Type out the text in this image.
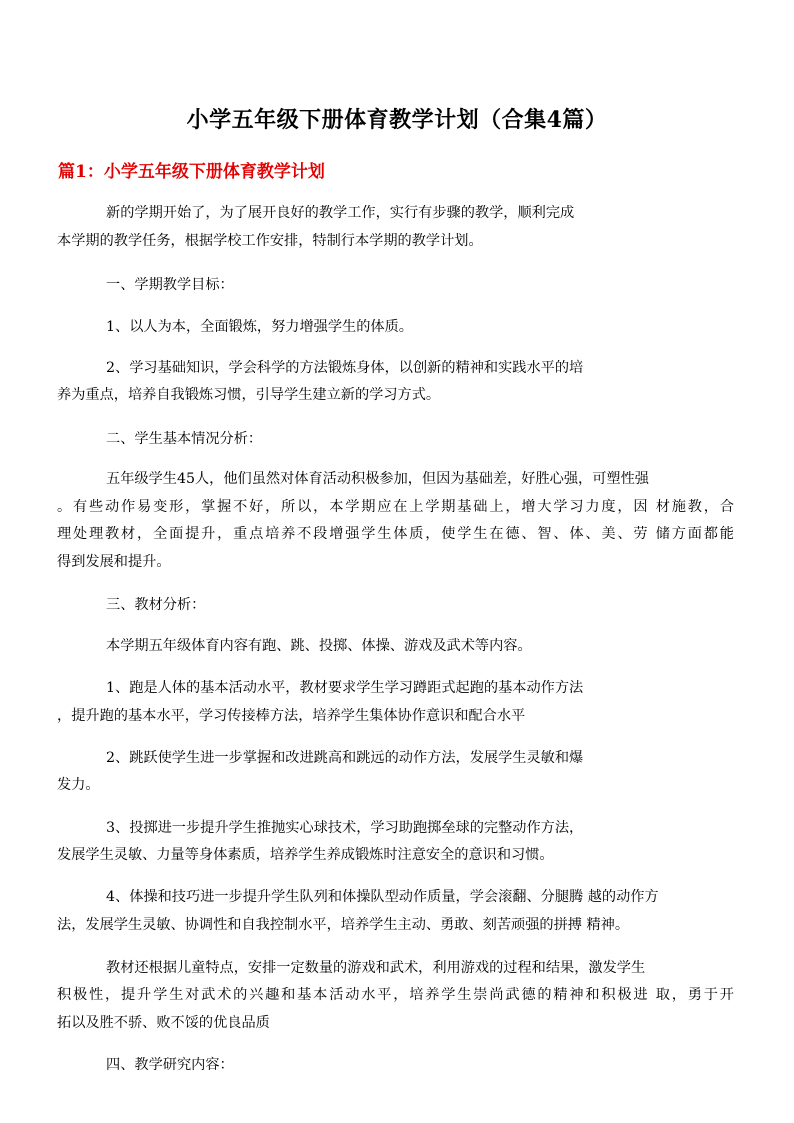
小学五年级下册体育教学计划（合集4篇）
篇1：小学五年级下册体育教学计划
新的学期开始了，为了展开良好的教学工作，实行有步骤的教学，顺利完成
本学期的教学任务，根据学校工作安排，特制行本学期的教学计划。
一、学期教学目标：
1、以人为本，全面锻炼，努力增强学生的体质。
2、学习基础知识，学会科学的方法锻炼身体，以创新的精神和实践水平的培
养为重点，培养自我锻炼习惯，引导学生建立新的学习方式。
二、学生基本情况分析：
五年级学生45人，他们虽然对体育活动积极参加，但因为基础差，好胜心强，可塑性强
。有些动作易变形，掌握不好，所以，本学期应在上学期基础上，增大学习力度，因 材施教，合
理处理教材，全面提升，重点培养不段增强学生体质，使学生在德、智、体、美、劳 储方面都能
得到发展和提升。
三、教材分析：
本学期五年级体育内容有跑、跳、投掷、体操、游戏及武术等内容。
1、跑是人体的基本活动水平，教材要求学生学习蹲距式起跑的基本动作方法
，提升跑的基本水平，学习传接棒方法，培养学生集体协作意识和配合水平
2、跳跃使学生进一步掌握和改进跳高和跳远的动作方法，发展学生灵敏和爆
发力。
3、投掷进一步提升学生推抛实心球技术，学习助跑掷垒球的完整动作方法，
发展学生灵敏、力量等身体素质，培养学生养成锻炼时注意安全的意识和习惯。
4、体操和技巧进一步提升学生队列和体操队型动作质量，学会滚翻、分腿腾 越的动作方
法，发展学生灵敏、协调性和自我控制水平，培养学生主动、勇敢、刻苦顽强的拼搏 精神。
教材还根据儿童特点，安排一定数量的游戏和武术，利用游戏的过程和结果，激发学生
积极性，提升学生对武术的兴趣和基本活动水平，培养学生崇尚武德的精神和积极进 取，勇于开
拓以及胜不骄、败不馁的优良品质
四、教学研究内容：
